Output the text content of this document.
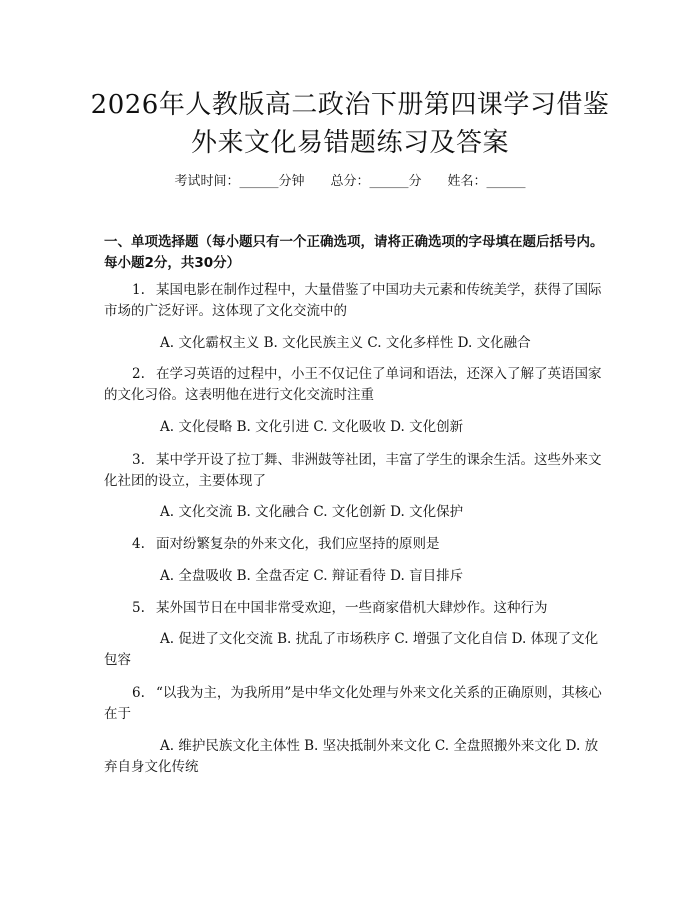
2026年人教版高二政治下册第四课学习借鉴
外来文化易错题练习及答案
考试时间：______分钟 总分：______分 姓名：______
一、单项选择题（每小题只有一个正确选项，请将正确选项的字母填在题后括号内。每小题2分，共30分）
1. 某国电影在制作过程中，大量借鉴了中国功夫元素和传统美学，获得了国际市场的广泛好评。这体现了文化交流中的
A. 文化霸权主义 B. 文化民族主义 C. 文化多样性 D. 文化融合
2. 在学习英语的过程中，小王不仅记住了单词和语法，还深入了解了英语国家的文化习俗。这表明他在进行文化交流时注重
A. 文化侵略 B. 文化引进 C. 文化吸收 D. 文化创新
3. 某中学开设了拉丁舞、非洲鼓等社团，丰富了学生的课余生活。这些外来文化社团的设立，主要体现了
A. 文化交流 B. 文化融合 C. 文化创新 D. 文化保护
4. 面对纷繁复杂的外来文化，我们应坚持的原则是
A. 全盘吸收 B. 全盘否定 C. 辩证看待 D. 盲目排斥
5. 某外国节日在中国非常受欢迎，一些商家借机大肆炒作。这种行为
A. 促进了文化交流 B. 扰乱了市场秩序 C. 增强了文化自信 D. 体现了文化包容
6. “以我为主，为我所用”是中华文化处理与外来文化关系的正确原则，其核心在于
A. 维护民族文化主体性 B. 坚决抵制外来文化 C. 全盘照搬外来文化 D. 放弃自身文化传统
